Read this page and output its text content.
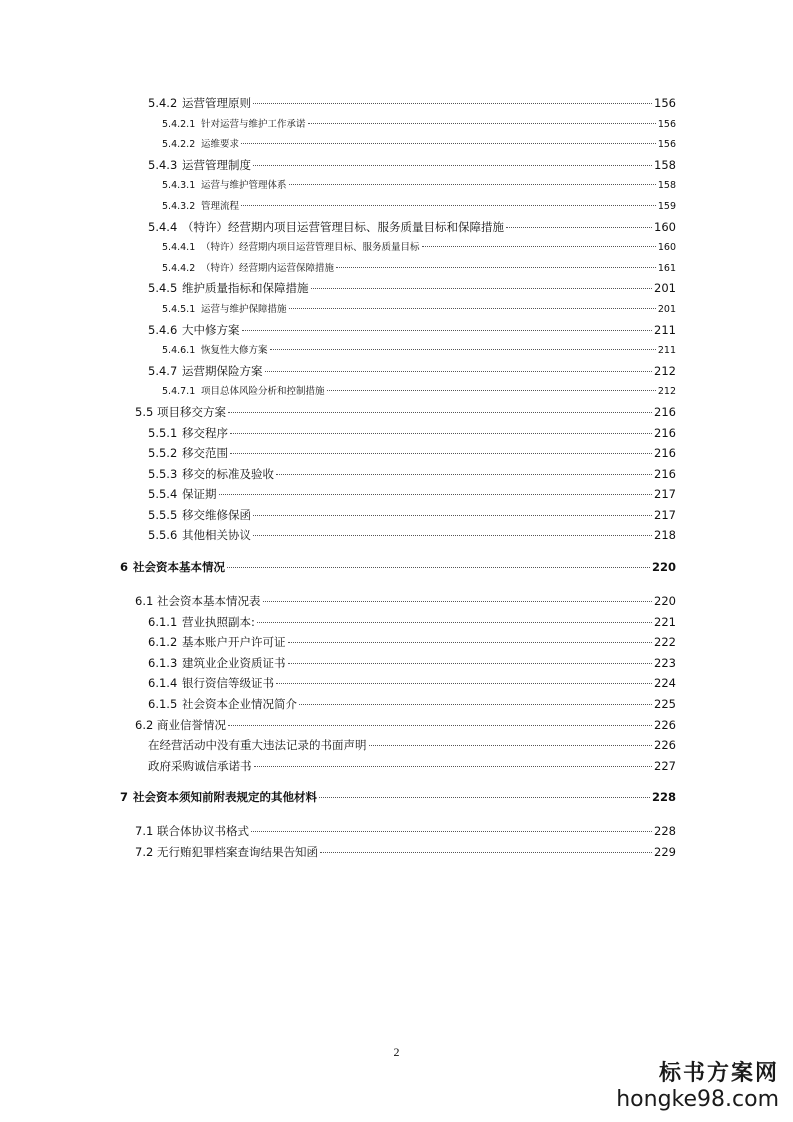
5.4.2 运营管理原则	156
5.4.2.1 针对运营与维护工作承诺	156
5.4.2.2 运维要求	156
5.4.3 运营管理制度	158
5.4.3.1 运营与维护管理体系	158
5.4.3.2 管理流程	159
5.4.4 （特许）经营期内项目运营管理目标、服务质量目标和保障措施	160
5.4.4.1 （特许）经营期内项目运营管理目标、服务质量目标	160
5.4.4.2 （特许）经营期内运营保障措施	161
5.4.5 维护质量指标和保障措施	201
5.4.5.1 运营与维护保障措施	201
5.4.6 大中修方案	211
5.4.6.1 恢复性大修方案	211
5.4.7 运营期保险方案	212
5.4.7.1 项目总体风险分析和控制措施	212
5.5 项目移交方案	216
5.5.1 移交程序	216
5.5.2 移交范围	216
5.5.3 移交的标准及验收	216
5.5.4 保证期	217
5.5.5 移交维修保函	217
5.5.6 其他相关协议	218
6 社会资本基本情况	220
6.1 社会资本基本情况表	220
6.1.1 营业执照副本:	221
6.1.2 基本账户开户许可证	222
6.1.3 建筑业企业资质证书	223
6.1.4 银行资信等级证书	224
6.1.5 社会资本企业情况简介	225
6.2 商业信誉情况	226
在经营活动中没有重大违法记录的书面声明	226
政府采购诚信承诺书	227
7 社会资本须知前附表规定的其他材料	228
7.1 联合体协议书格式	228
7.2 无行贿犯罪档案查询结果告知函	229
2
标书方案网
hongke98.com
